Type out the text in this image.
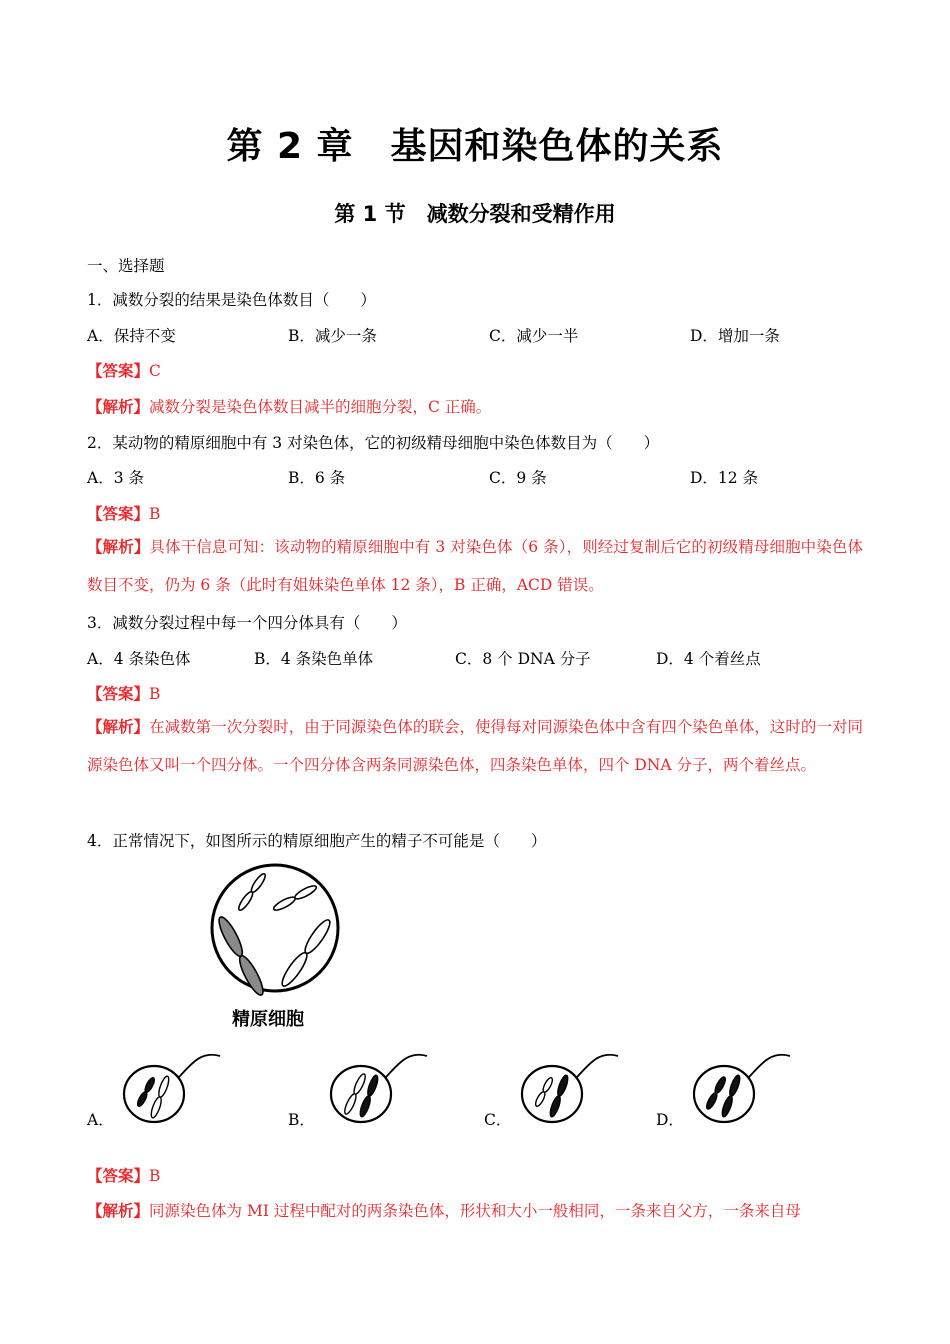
第 2 章　基因和染色体的关系
第 1 节　减数分裂和受精作用
一、选择题
1．减数分裂的结果是染色体数目（　　）
A．保持不变	B．减少一条	C．减少一半	D．增加一条
【答案】C
【解析】减数分裂是染色体数目减半的细胞分裂，C 正确。
2．某动物的精原细胞中有 3 对染色体，它的初级精母细胞中染色体数目为（　　）
A．3 条	B．6 条	C．9 条	D．12 条
【答案】B
【解析】具体干信息可知：该动物的精原细胞中有 3 对染色体（6 条），则经过复制后它的初级精母细胞中染色体数目不变，仍为 6 条（此时有姐妹染色单体 12 条），B 正确，ACD 错误。
3．减数分裂过程中每一个四分体具有（　　）
A．4 条染色体	B．4 条染色单体	C．8 个 DNA 分子	D．4 个着丝点
【答案】B
【解析】在减数第一次分裂时，由于同源染色体的联会，使得每对同源染色体中含有四个染色单体，这时的一对同源染色体又叫一个四分体。一个四分体含两条同源染色体，四条染色单体，四个 DNA 分子，两个着丝点。
4．正常情况下，如图所示的精原细胞产生的精子不可能是（　　）
精原细胞
A．	B．	C．	D．
【答案】B
【解析】同源染色体为 MI 过程中配对的两条染色体，形状和大小一般相同，一条来自父方，一条来自母
